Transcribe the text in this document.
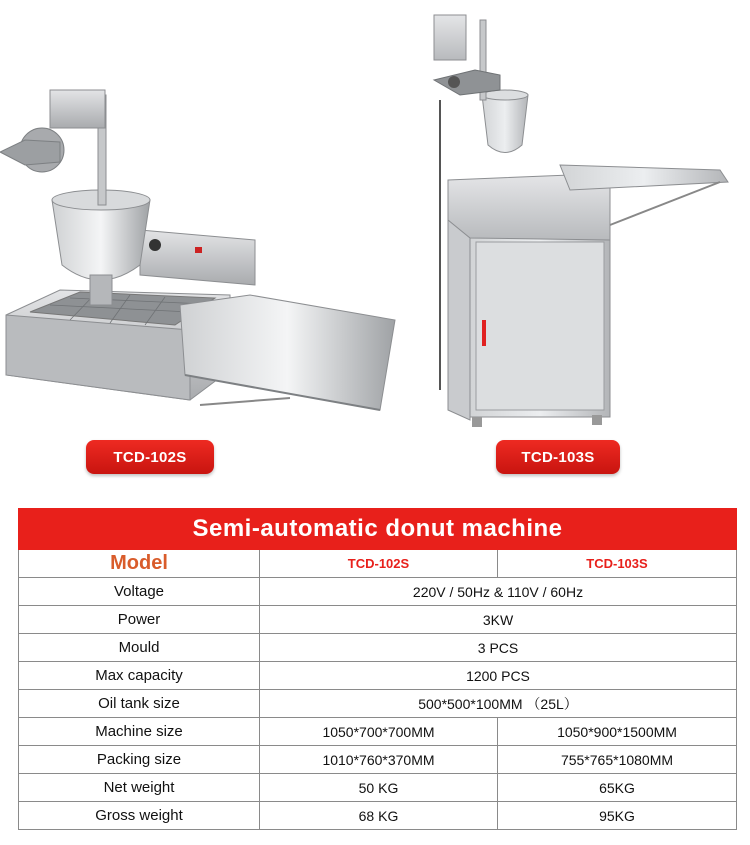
TCD-102S	TCD-103S
Semi-automatic donut machine		
Model	TCD-102S	TCD-103S
Voltage	220V / 50Hz & 110V / 60Hz	
Power	3KW	
Mould	3 PCS	
Max capacity	1200 PCS	
Oil tank size	500*500*100MM （25L）	
Machine size	1050*700*700MM	1050*900*1500MM
Packing size	1010*760*370MM	755*765*1080MM
Net weight	50 KG	65KG
Gross weight	68 KG	95KG
